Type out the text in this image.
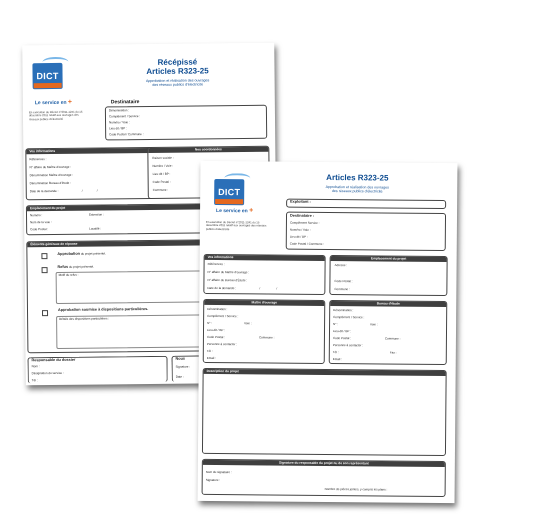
DICT
Le service en +
Récépissé
Articles R323-25
Approbation et réalisation des ouvrages
des réseaux publics d'électricité
En exécution du Décret n°2011-1241 du 15 décembre 2011 relatif aux ouvrages des réseaux publics d'électricité
Destinataire
Dénomination :
Complément / Service :
Numéro / Voie :
Lieu dit / BP :
Code Postal / Commune :
Vos informations
Références :
N° affaire du Maître d'ouvrage :
Dénomination Maître d'ouvrage :
Dénomination Bureau d'étude :
Date de la demande :	/	/
Nos coordonnées
Raison sociale :
Numéro / Voie :
Lieu dit / BP :
Code Postal :
Commune :
Emplacement du projet
Numéro :	Extension :
Nom de la voie :
Code Postal :	Localité :
Éléments généraux de réponse
Approbation du projet présenté.
Refus du projet présenté.
Motif du refus :
Approbation soumise à dispositions particulières.
Détails des dispositions particulières :
Responsable du dossier
Nom :
Désignation du service :
Tél :
Nous
Signature :
Date :
DICT
Le service en +
Articles R323-25
Approbation et réalisation des ouvrages
des réseaux publics d'électricité
En exécution du Décret n°2011-1241 du 15 décembre 2011 relatif aux ouvrages des réseaux publics d'électricité
Exploitant :
Destinataire :
Complément Service :
Numéro / Voie :
Lieu dit / BP :
Code Postal / Commune :
Vos informations
Références :
N° affaire du Maître d'ouvrage :
N° affaire du Bureau d'Étude :
Date de la demande :	/	/
Emplacement du projet
Adresse :
Code Postal :
Commune :
Maître d'ouvrage
Dénomination :
Complément / Service :
N° :	Voie :
Lieu-dit / BP :
Code Postal :	Commune :
Personne à contacter :
Tél :
Email :
Bureau d'étude
Dénomination :
Complément / Service :
N° :	Voie :
Lieu-dit / BP :
Code Postal :	Commune :
Personne à contacter :
Tél :	Fax :
Email :
Description du projet
Signature du responsable du projet ou de son représentant
Nom du signataire :
Signature :
Nombre de pièces jointes, y compris les plans :
